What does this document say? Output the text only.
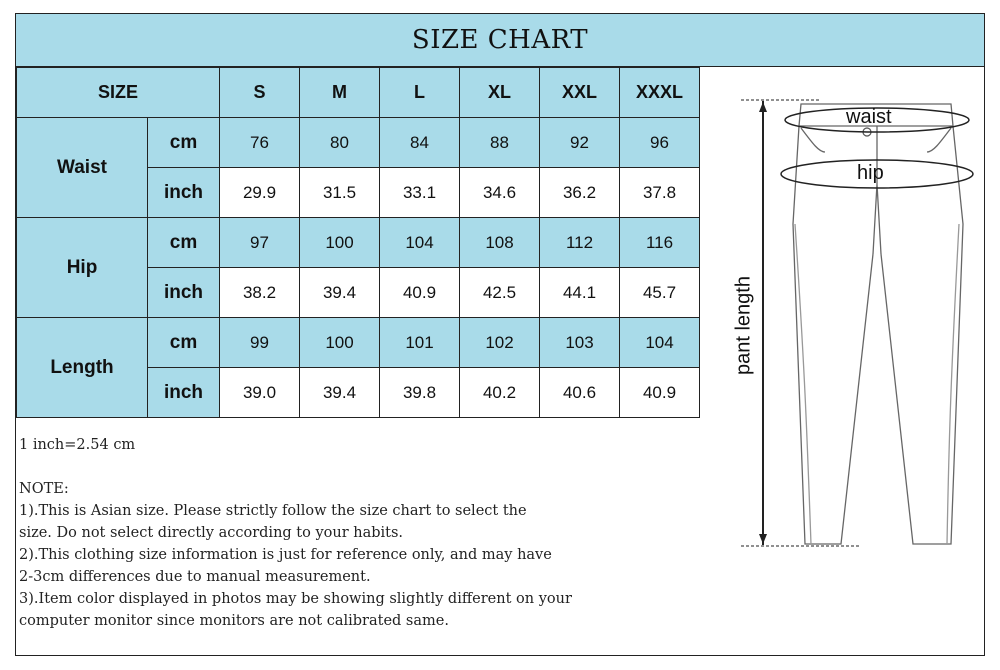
SIZE CHART
SIZE		S	M	L	XL	XXL	XXXL
Waist	cm	76	80	84	88	92	96
	inch	29.9	31.5	33.1	34.6	36.2	37.8
Hip	cm	97	100	104	108	112	116
	inch	38.2	39.4	40.9	42.5	44.1	45.7
Length	cm	99	100	101	102	103	104
	inch	39.0	39.4	39.8	40.2	40.6	40.9
1 inch=2.54 cm
NOTE:
1).This is Asian size. Please strictly follow the size chart to select the
size. Do not select directly according to your habits.
2).This clothing size information is just for reference only, and may have
2-3cm differences due to manual measurement.
3).Item color displayed in photos may be showing slightly different on your
computer monitor since monitors are not calibrated same.
waist
hip
pant length
